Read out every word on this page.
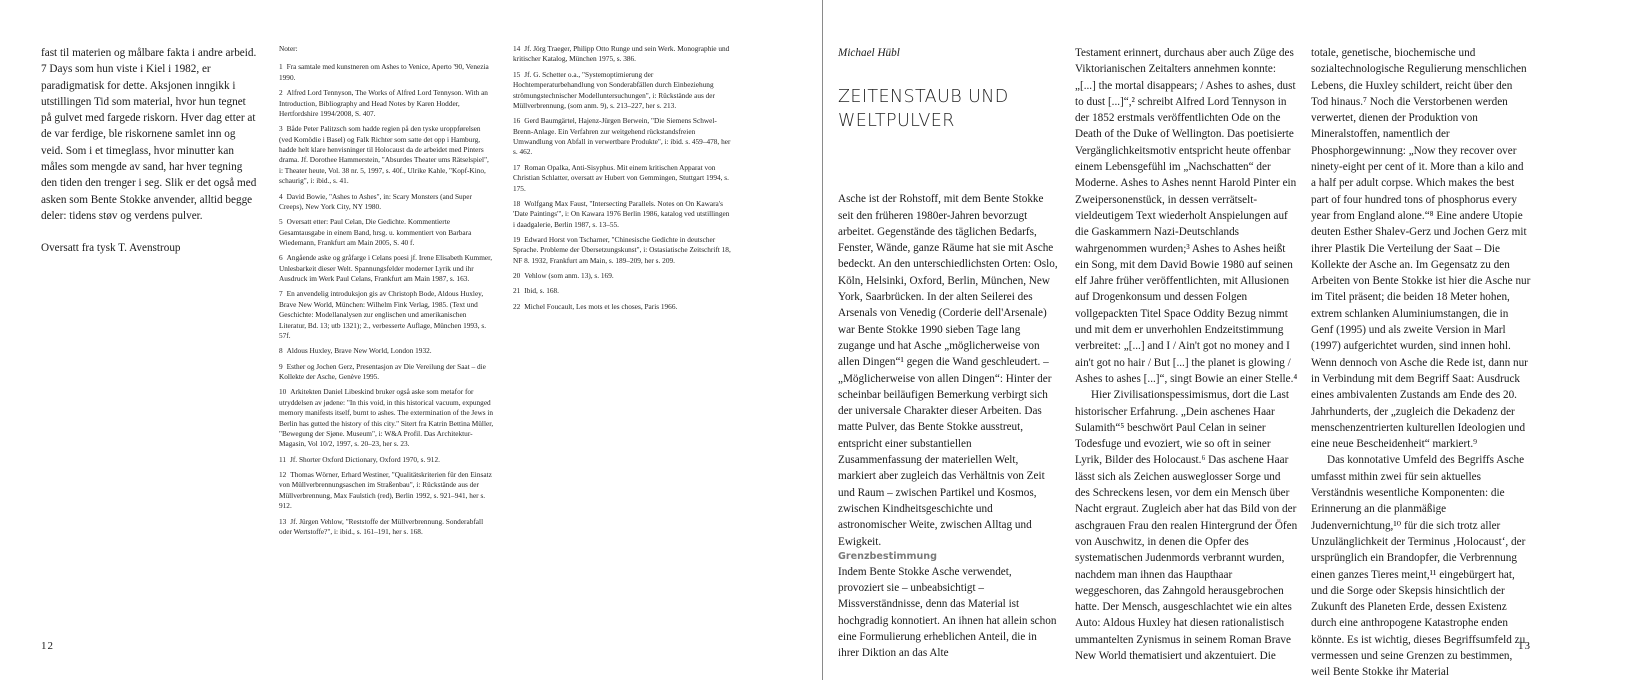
fast til materien og målbare fakta i andre arbeid. 7 Days som hun viste i Kiel i 1982, er paradigmatisk for dette. Aksjonen inngikk i utstillingen Tid som material, hvor hun tegnet på gulvet med fargede riskorn. Hver dag etter at de var ferdige, ble riskornene samlet inn og veid. Som i et timeglass, hvor minutter kan måles som mengde av sand, har hver tegning den tiden den trenger i seg. Slik er det også med asken som Bente Stokke anvender, alltid begge deler: tidens støv og verdens pulver.

Oversatt fra tysk T. Avenstroup

Noter:

1 Fra samtale med kunstneren om Ashes to Venice, Aperto '90, Venezia 1990.

2 Alfred Lord Tennyson, The Works of Alfred Lord Tennyson. With an Introduction, Bibliography and Head Notes by Karen Hodder, Hertfordshire 1994/2008, S. 407.

3 Både Peter Palitzsch som hadde regien på den tyske uroppførelsen (ved Komödie i Basel) og Falk Richter som satte det opp i Hamburg, hadde helt klare henvisninger til Holocaust da de arbeidet med Pinters drama. Jf. Dorothee Hammerstein, "Absurdes Theater ums Rätselspiel", i: Theater heute, Vol. 38 nr. 5, 1997, s. 40f., Ulrike Kahle, "Kopf-Kino, schaurig", i: ibid., s. 41.

4 David Bowie, "Ashes to Ashes", in: Scary Monsters (and Super Creeps), New York City, NY 1980.

5 Oversatt etter: Paul Celan, Die Gedichte. Kommentierte Gesamtausgabe in einem Band, hrsg. u. kommentiert von Barbara Wiedemann, Frankfurt am Main 2005, S. 40 f.

6 Angående aske og gråfarge i Celans poesi jf. Irene Elisabeth Kummer, Unlesbarkeit dieser Welt. Spannungsfelder moderner Lyrik und ihr Ausdruck im Werk Paul Celans, Frankfurt am Main 1987, s. 163.

7 En anvendelig introduksjon gis av Christoph Bode, Aldous Huxley, Brave New World, München: Wilhelm Fink Verlag, 1985. (Text und Geschichte: Modellanalysen zur englischen und amerikanischen Literatur, Bd. 13; utb 1321); 2., verbesserte Auflage, München 1993, s. 57f.

8 Aldous Huxley, Brave New World, London 1932.

9 Esther og Jochen Gerz, Presentasjon av Die Vereilung der Saat – die Kollekte der Asche, Genève 1995.

10 Arkitekten Daniel Libeskind bruker også aske som metafor for utryddelsen av jødene: "In this void, in this historical vacuum, expunged memory manifests itself, burnt to ashes. The extermination of the Jews in Berlin has gutted the history of this city." Sitert fra Katrin Bettina Müller, "Bewegung der Sjøne. Museum", i: W&A Profil. Das Architektur-Magasin, Vol 10/2, 1997, s. 20–23, her s. 23.

11 Jf. Shorter Oxford Dictionary, Oxford 1970, s. 912.

12 Thomas Wörner, Erhard Westiner, "Qualitätskriterien für den Einsatz von Müllverbrennungsaschen im Straßenbau", i: Rückstände aus der Müllverbrennung, Max Faulstich (red), Berlin 1992, s. 921–941, her s. 912.

13 Jf. Jürgen Vehlow, "Reststoffe der Müllverbrennung. Sonderabfall oder Wertstoffe?", i: ibid., s. 161–191, her s. 168.

14 Jf. Jörg Traeger, Philipp Otto Runge und sein Werk. Monographie und kritischer Katalog, München 1975, s. 386.

15 Jf. G. Schetter o.a., "Systemoptimierung der Hochtemperaturbehandlung von Sonderabfällen durch Einbeziehung strömungstechnischer Modelluntersuchungen", i: Rückstände aus der Müllverbrennung, (som anm. 9), s. 213–227, her s. 213.

16 Gerd Baumgärtel, Hajenz-Jürgen Berwein, "Die Siemens Schwel-Brenn-Anlage. Ein Verfahren zur weitgehend rückstandsfreien Umwandlung von Abfall in verwertbare Produkte", i: ibid. s. 459–478, her s. 462.

17 Roman Opalka, Anti-Sisyphus. Mit einem kritischen Apparat von Christian Schlatter, oversatt av Hubert von Gemmingen, Stuttgart 1994, s. 175.

18 Wolfgang Max Faust, "Intersecting Parallels. Notes on On Kawara's 'Date Paintings'", i: On Kawara 1976 Berlin 1986, katalog ved utstillingen i daadgalerie, Berlin 1987, s. 13–55.

19 Edward Horst von Tscharner, "Chinesische Gedichte in deutscher Sprache. Probleme der Übersetzungskunst", i: Ostasiatische Zeitschrift 18, NF 8. 1932, Frankfurt am Main, s. 189–209, her s. 209.

20 Vehlow (som anm. 13), s. 169.

21 Ibid, s. 168.

22 Michel Foucault, Les mots et les choses, Paris 1966.

12

Michael Hübl

ZEITENSTAUB UND WELTPULVER

Asche ist der Rohstoff, mit dem Bente Stokke seit den früheren 1980er-Jahren bevorzugt arbeitet. Gegenstände des täglichen Bedarfs, Fenster, Wände, ganze Räume hat sie mit Asche bedeckt. An den unterschiedlichsten Orten: Oslo, Köln, Helsinki, Oxford, Berlin, München, New York, Saarbrücken. In der alten Seilerei des Arsenals von Venedig (Corderie dell'Arsenale) war Bente Stokke 1990 sieben Tage lang zugange und hat Asche „möglicherweise von allen Dingen“¹ gegen die Wand geschleudert. – „Möglicherweise von allen Dingen“: Hinter der scheinbar beiläufigen Bemerkung verbirgt sich der universale Charakter dieser Arbeiten. Das matte Pulver, das Bente Stokke ausstreut, entspricht einer substantiellen Zusammenfassung der materiellen Welt, markiert aber zugleich das Verhältnis von Zeit und Raum – zwischen Partikel und Kosmos, zwischen Kindheitsgeschichte und astronomischer Weite, zwischen Alltag und Ewigkeit.

Grenzbestimmung

Indem Bente Stokke Asche verwendet, provoziert sie – unbeabsichtigt – Missverständnisse, denn das Material ist hochgradig konnotiert. An ihnen hat allein schon eine Formulierung erheblichen Anteil, die in ihrer Diktion an das Alte

Testament erinnert, durchaus aber auch Züge des Viktorianischen Zeitalters annehmen konnte: „[...] the mortal disappears; / Ashes to ashes, dust to dust [...]“,² schreibt Alfred Lord Tennyson in der 1852 erstmals veröffentlichten Ode on the Death of the Duke of Wellington. Das poetisierte Vergänglichkeitsmotiv entspricht heute offenbar einem Lebensgefühl im „Nachschatten“ der Moderne. Ashes to Ashes nennt Harold Pinter ein Zweipersonenstück, in dessen verrätselt-vieldeutigem Text wiederholt Anspielungen auf die Gaskammern Nazi-Deutschlands wahrgenommen wurden;³ Ashes to Ashes heißt ein Song, mit dem David Bowie 1980 auf seinen elf Jahre früher veröffentlichten, mit Allusionen auf Drogenkonsum und dessen Folgen vollgepackten Titel Space Oddity Bezug nimmt und mit dem er unverhohlen Endzeitstimmung verbreitet: „[...] and I / Ain't got no money and I ain't got no hair / But [...] the planet is glowing / Ashes to ashes [...]“, singt Bowie an einer Stelle.⁴

Hier Zivilisationspessimismus, dort die Last historischer Erfahrung. „Dein aschenes Haar Sulamith“⁵ beschwört Paul Celan in seiner Todesfuge und evoziert, wie so oft in seiner Lyrik, Bilder des Holocaust.⁶ Das aschene Haar lässt sich als Zeichen ausweglosser Sorge und des Schreckens lesen, vor dem ein Mensch über Nacht ergraut. Zugleich aber hat das Bild von der aschgrauen Frau den realen Hintergrund der Öfen von Auschwitz, in denen die Opfer des systematischen Judenmords verbrannt wurden, nachdem man ihnen das Haupthaar weggeschoren, das Zahngold herausgebrochen hatte. Der Mensch, ausgeschlachtet wie ein altes Auto: Aldous Huxley hat diesen rationalistisch ummantelten Zynismus in seinem Roman Brave New World thematisiert und akzentuiert. Die

totale, genetische, biochemische und sozialtechnologische Regulierung menschlichen Lebens, die Huxley schildert, reicht über den Tod hinaus.⁷ Noch die Verstorbenen werden verwertet, dienen der Produktion von Mineralstoffen, namentlich der Phosphorgewinnung: „Now they recover over ninety-eight per cent of it. More than a kilo and a half per adult corpse. Which makes the best part of four hundred tons of phosphorus every year from England alone.“⁸ Eine andere Utopie deuten Esther Shalev-Gerz und Jochen Gerz mit ihrer Plastik Die Verteilung der Saat – Die Kollekte der Asche an. Im Gegensatz zu den Arbeiten von Bente Stokke ist hier die Asche nur im Titel präsent; die beiden 18 Meter hohen, extrem schlanken Aluminiumstangen, die in Genf (1995) und als zweite Version in Marl (1997) aufgerichtet wurden, sind innen hohl. Wenn dennoch von Asche die Rede ist, dann nur in Verbindung mit dem Begriff Saat: Ausdruck eines ambivalenten Zustands am Ende des 20. Jahrhunderts, der „zugleich die Dekadenz der menschenzentrierten kulturellen Ideologien und eine neue Bescheidenheit“ markiert.⁹

Das konnotative Umfeld des Begriffs Asche umfasst mithin zwei für sein aktuelles Verständnis wesentliche Komponenten: die Erinnerung an die planmäßige Judenvernichtung,¹⁰ für die sich trotz aller Unzulänglichkeit der Terminus ‚Holocaust‘, der ursprünglich ein Brandopfer, die Verbrennung einen ganzes Tieres meint,¹¹ eingebürgert hat, und die Sorge oder Skepsis hinsichtlich der Zukunft des Planeten Erde, dessen Existenz durch eine anthropogene Katastrophe enden könnte. Es ist wichtig, dieses Begriffsumfeld zu vermessen und seine Grenzen zu bestimmen, weil Bente Stokke ihr Material

13
